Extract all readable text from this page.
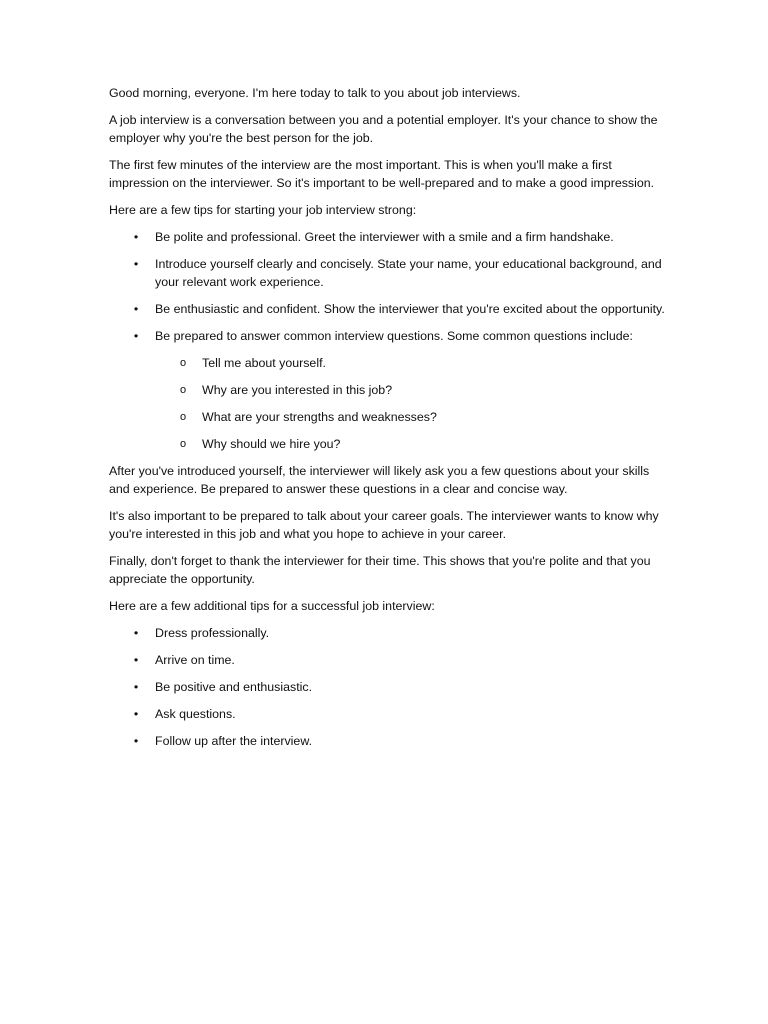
Good morning, everyone. I'm here today to talk to you about job interviews.

A job interview is a conversation between you and a potential employer. It's your chance to show the employer why you're the best person for the job.

The first few minutes of the interview are the most important. This is when you'll make a first impression on the interviewer. So it's important to be well-prepared and to make a good impression.

Here are a few tips for starting your job interview strong:

• Be polite and professional. Greet the interviewer with a smile and a firm handshake.
• Introduce yourself clearly and concisely. State your name, your educational background, and your relevant work experience.
• Be enthusiastic and confident. Show the interviewer that you're excited about the opportunity.
• Be prepared to answer common interview questions. Some common questions include:
o Tell me about yourself.
o Why are you interested in this job?
o What are your strengths and weaknesses?
o Why should we hire you?

After you've introduced yourself, the interviewer will likely ask you a few questions about your skills and experience. Be prepared to answer these questions in a clear and concise way.

It's also important to be prepared to talk about your career goals. The interviewer wants to know why you're interested in this job and what you hope to achieve in your career.

Finally, don't forget to thank the interviewer for their time. This shows that you're polite and that you appreciate the opportunity.

Here are a few additional tips for a successful job interview:

• Dress professionally.
• Arrive on time.
• Be positive and enthusiastic.
• Ask questions.
• Follow up after the interview.
